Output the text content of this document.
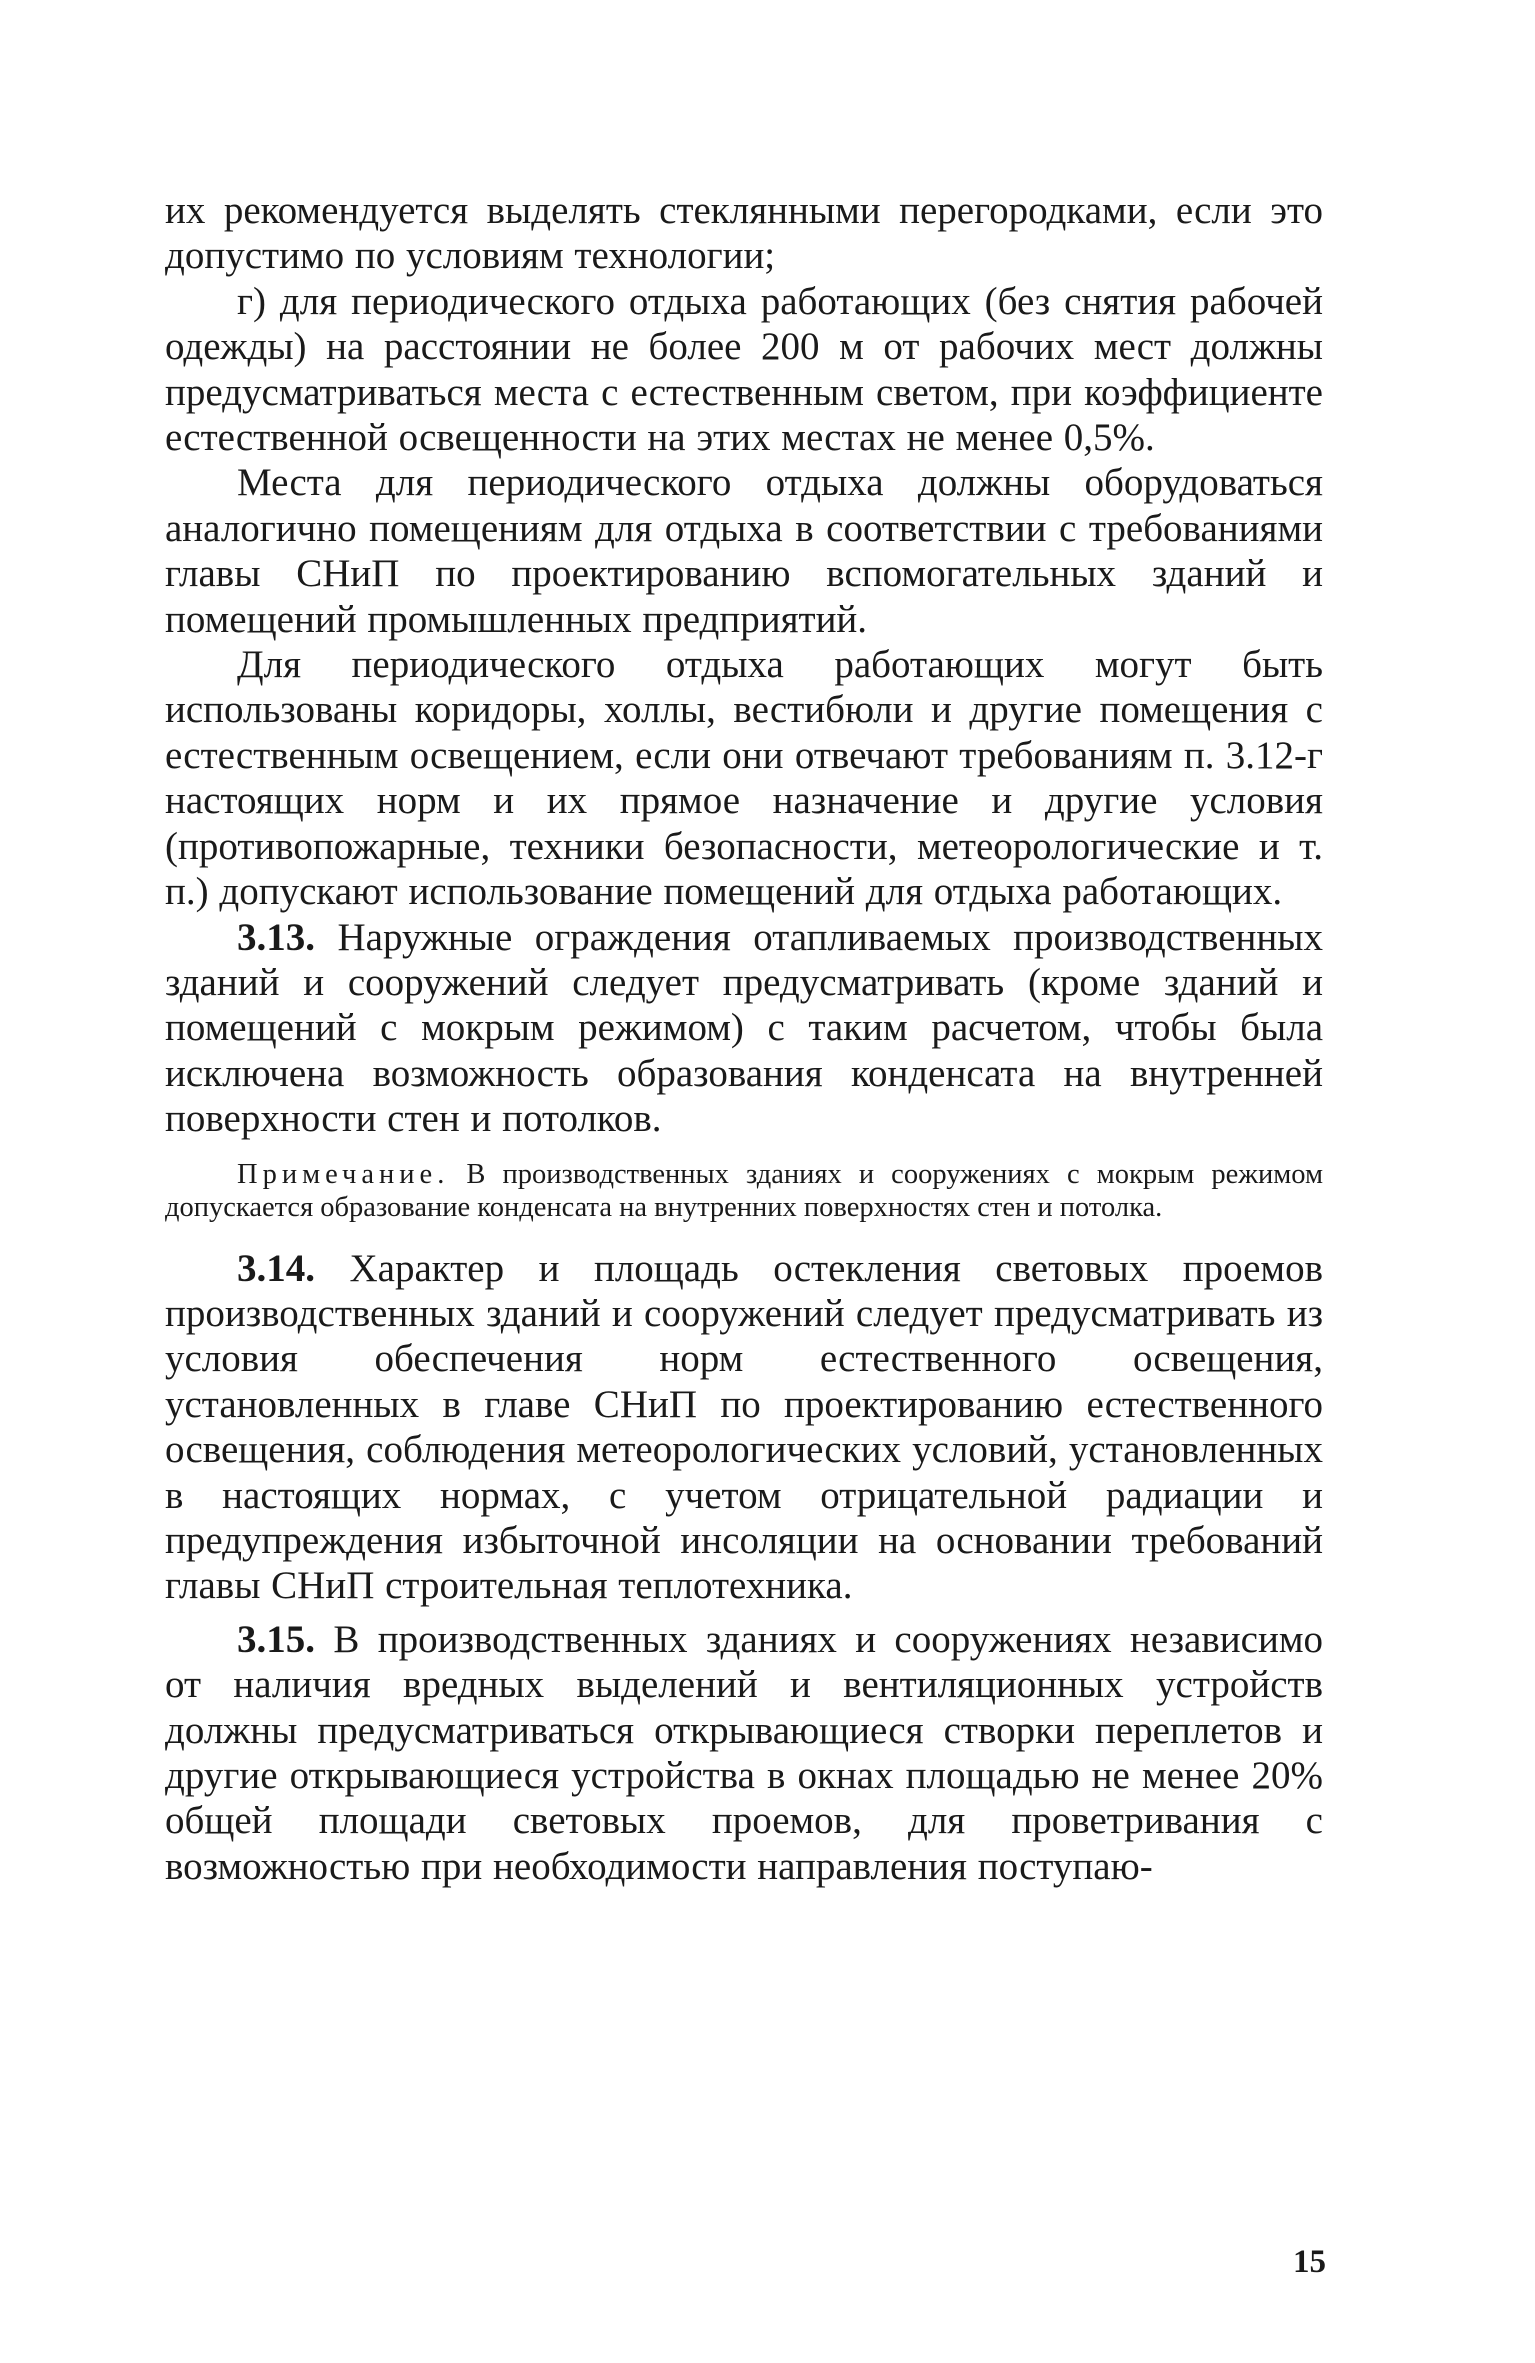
их рекомендуется выделять стеклянными перегородками, если это допустимо по условиям технологии;

г) для периодического отдыха работающих (без снятия рабочей одежды) на расстоянии не более 200 м от рабочих мест должны предусматриваться места с естественным светом, при коэффициенте естественной освещенности на этих местах не менее 0,5%.

Места для периодического отдыха должны оборудоваться аналогично помещениям для отдыха в соответствии с требованиями главы СНиП по проектированию вспомогательных зданий и помещений промышленных предприятий.

Для периодического отдыха работающих могут быть использованы коридоры, холлы, вестибюли и другие помещения с естественным освещением, если они отвечают требованиям п. 3.12-г настоящих норм и их прямое назначение и другие условия (противопожарные, техники безопасности, метеорологические и т. п.) допускают использование помещений для отдыха работающих.

3.13. Наружные ограждения отапливаемых производственных зданий и сооружений следует предусматривать (кроме зданий и помещений с мокрым режимом) с таким расчетом, чтобы была исключена возможность образования конденсата на внутренней поверхности стен и потолков.

Примечание. В производственных зданиях и сооружениях с мокрым режимом допускается образование конденсата на внутренних поверхностях стен и потолка.

3.14. Характер и площадь остекления световых проемов производственных зданий и сооружений следует предусматривать из условия обеспечения норм естественного освещения, установленных в главе СНиП по проектированию естественного освещения, соблюдения метеорологических условий, установленных в настоящих нормах, с учетом отрицательной радиации и предупреждения избыточной инсоляции на основании требований главы СНиП строительная теплотехника.

3.15. В производственных зданиях и сооружениях независимо от наличия вредных выделений и вентиляционных устройств должны предусматриваться открывающиеся створки переплетов и другие открывающиеся устройства в окнах площадью не менее 20% общей площади световых проемов, для проветривания с возможностью при необходимости направления поступаю-

15
